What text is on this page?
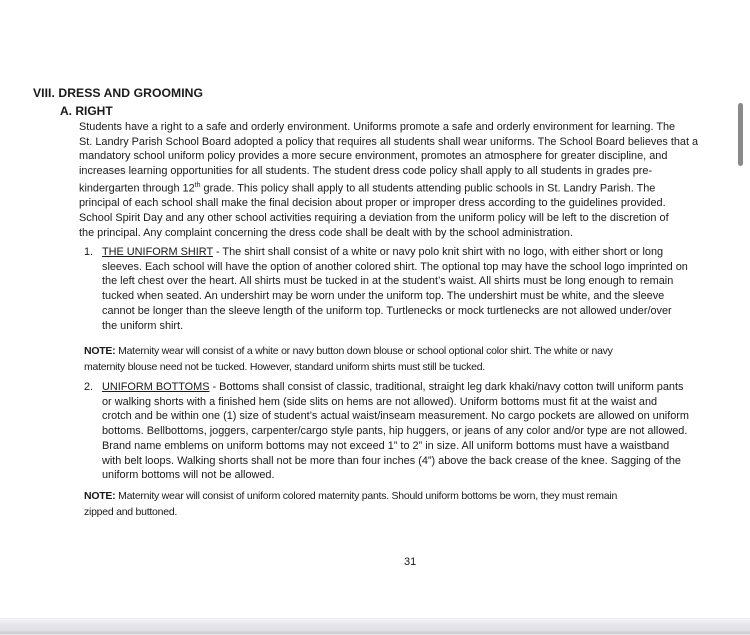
VIII. DRESS AND GROOMING
A. RIGHT

Students have a right to a safe and orderly environment. Uniforms promote a safe and orderly environment for learning. The

St. Landry Parish School Board adopted a policy that requires all students shall wear uniforms. The School Board believes that a

mandatory school uniform policy provides a more secure environment, promotes an atmosphere for greater discipline, and

increases learning opportunities for all students. The student dress code policy shall apply to all students in grades pre-

kindergarten through 12th grade. This policy shall apply to all students attending public schools in St. Landry Parish. The

principal of each school shall make the final decision about proper or improper dress according to the guidelines provided.

School Spirit Day and any other school activities requiring a deviation from the uniform policy will be left to the discretion of

the principal. Any complaint concerning the dress code shall be dealt with by the school administration.

1. THE UNIFORM SHIRT - The shirt shall consist of a white or navy polo knit shirt with no logo, with either short or long
sleeves. Each school will have the option of another colored shirt. The optional top may have the school logo imprinted on
the left chest over the heart. All shirts must be tucked in at the student’s waist. All shirts must be long enough to remain
tucked when seated. An undershirt may be worn under the uniform top. The undershirt must be white, and the sleeve
cannot be longer than the sleeve length of the uniform top. Turtlenecks or mock turtlenecks are not allowed under/over
the uniform shirt.
NOTE: Maternity wear will consist of a white or navy button down blouse or school optional color shirt. The white or navy
maternity blouse need not be tucked. However, standard uniform shirts must still be tucked.
2. UNIFORM BOTTOMS - Bottoms shall consist of classic, traditional, straight leg dark khaki/navy cotton twill uniform pants
or walking shorts with a finished hem (side slits on hems are not allowed). Uniform bottoms must fit at the waist and
crotch and be within one (1) size of student’s actual waist/inseam measurement. No cargo pockets are allowed on uniform
bottoms. Bellbottoms, joggers, carpenter/cargo style pants, hip huggers, or jeans of any color and/or type are not allowed.
Brand name emblems on uniform bottoms may not exceed 1” to 2” in size. All uniform bottoms must have a waistband
with belt loops. Walking shorts shall not be more than four inches (4”) above the back crease of the knee. Sagging of the
uniform bottoms will not be allowed.
NOTE: Maternity wear will consist of uniform colored maternity pants. Should uniform bottoms be worn, they must remain
zipped and buttoned.
31
